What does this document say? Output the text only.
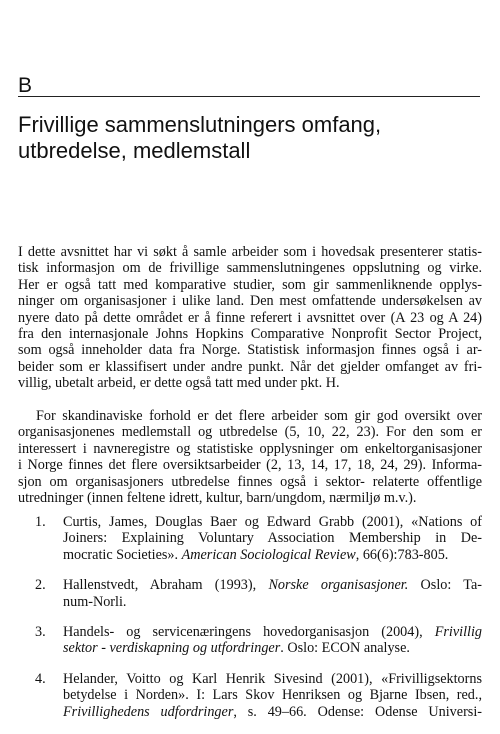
B
Frivillige sammenslutningers omfang,
utbredelse, medlemstall
I dette avsnittet har vi søkt å samle arbeider som i hovedsak presenterer statis-
tisk informasjon om de frivillige sammenslutningenes oppslutning og virke.
Her er også tatt med komparative studier, som gir sammenliknende opplys-
ninger om organisasjoner i ulike land. Den mest omfattende undersøkelsen av
nyere dato på dette området er å finne referert i avsnittet over (A 23 og A 24)
fra den internasjonale Johns Hopkins Comparative Nonprofit Sector Project,
som også inneholder data fra Norge. Statistisk informasjon finnes også i ar-
beider som er klassifisert under andre punkt. Når det gjelder omfanget av fri-
villig, ubetalt arbeid, er dette også tatt med under pkt. H.
For skandinaviske forhold er det flere arbeider som gir god oversikt over
organisasjonenes medlemstall og utbredelse (5, 10, 22, 23). For den som er
interessert i navneregistre og statistiske opplysninger om enkeltorganisasjoner
i Norge finnes det flere oversiktsarbeider (2, 13, 14, 17, 18, 24, 29). Informa-
sjon om organisasjoners utbredelse finnes også i sektor- relaterte offentlige
utredninger (innen feltene idrett, kultur, barn/ungdom, nærmiljø m.v.).
1. Curtis, James, Douglas Baer og Edward Grabb (2001), «Nations of
Joiners: Explaining Voluntary Association Membership in De-
mocratic Societies». American Sociological Review, 66(6):783-805.
2. Hallenstvedt, Abraham (1993), Norske organisasjoner. Oslo: Ta-
num-Norli.
3. Handels- og servicenæringens hovedorganisasjon (2004), Frivillig
sektor - verdiskapning og utfordringer. Oslo: ECON analyse.
4. Helander, Voitto og Karl Henrik Sivesind (2001), «Frivilligsektorns
betydelse i Norden». I: Lars Skov Henriksen og Bjarne Ibsen, red.,
Frivillighedens udfordringer, s. 49–66. Odense: Odense Universi-
